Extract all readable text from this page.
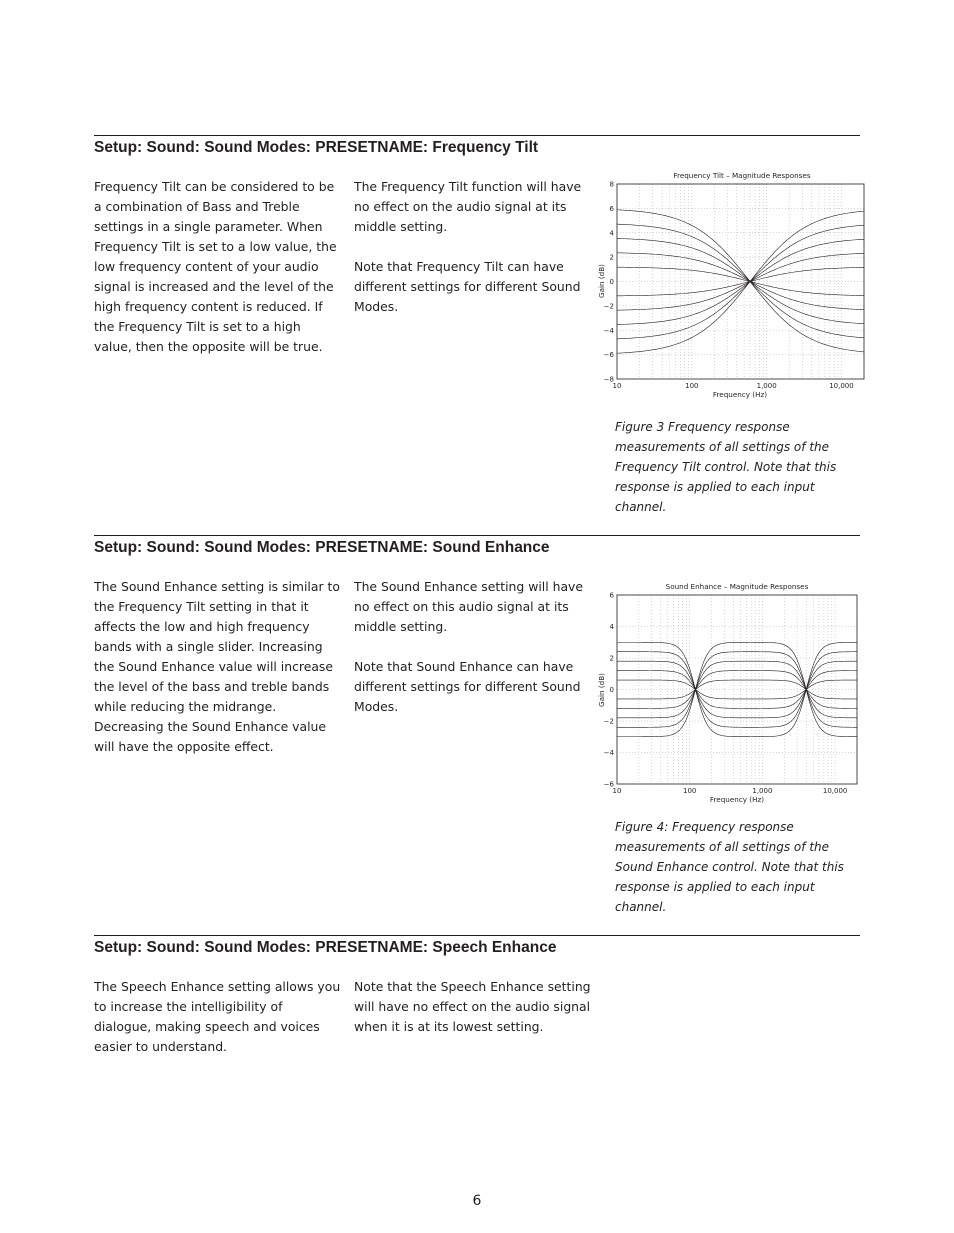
Setup: Sound: Sound Modes: PRESETNAME: Frequency Tilt

Frequency Tilt can be considered to be a combination of Bass and Treble settings in a single parameter. When Frequency Tilt is set to a low value, the low frequency content of your audio signal is increased and the level of the high frequency content is reduced. If the Frequency Tilt is set to a high value, then the opposite will be true.

The Frequency Tilt function will have no effect on the audio signal at its middle setting.

Note that Frequency Tilt can have different settings for different Sound Modes.

Figure 3 Frequency response measurements of all settings of the Frequency Tilt control. Note that this response is applied to each input channel.
Frequency Tilt – Magnitude Responses
−8
−6
−4
−2
0
2
4
6
8
10	100	1,000	10,000
Frequency (Hz)
Gain (dB)
Setup: Sound: Sound Modes: PRESETNAME: Sound Enhance

The Sound Enhance setting is similar to the Frequency Tilt setting in that it affects the low and high frequency bands with a single slider. Increasing the Sound Enhance value will increase the level of the bass and treble bands while reducing the midrange. Decreasing the Sound Enhance value will have the opposite effect.

The Sound Enhance setting will have no effect on this audio signal at its middle setting.

Note that Sound Enhance can have different settings for different Sound Modes.

Figure 4: Frequency response measurements of all settings of the Sound Enhance control. Note that this response is applied to each input channel.
Sound Enhance – Magnitude Responses
−6
−4
−2
0
2
4
6
10	100	1,000	10,000
Frequency (Hz)
Gain (dB)
Setup: Sound: Sound Modes: PRESETNAME: Speech Enhance

The Speech Enhance setting allows you to increase the intelligibility of dialogue, making speech and voices easier to understand.

Note that the Speech Enhance setting will have no effect on the audio signal when it is at its lowest setting.

6
